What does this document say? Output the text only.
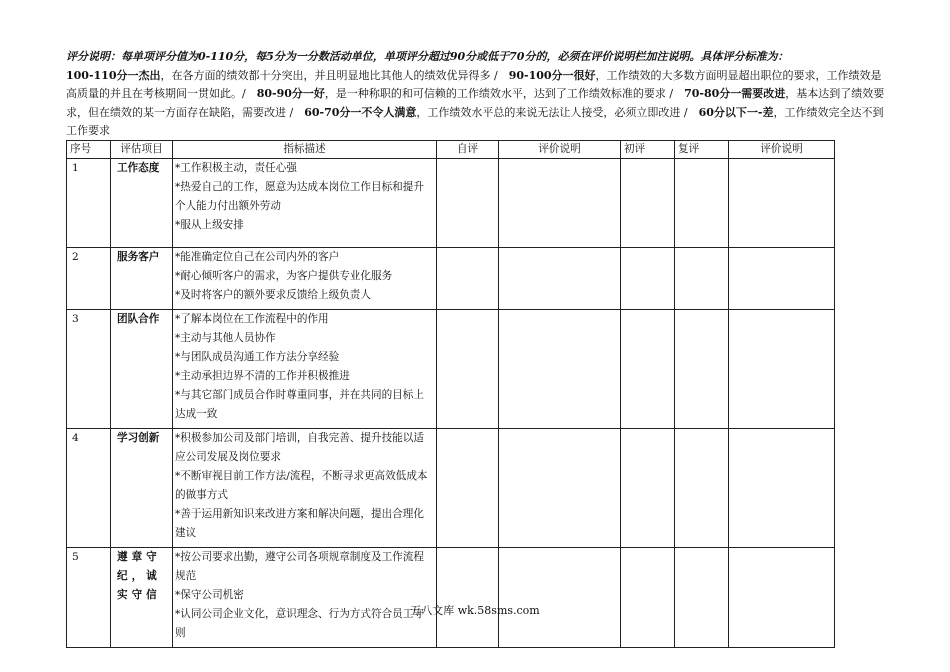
评分说明：每单项评分值为0-110分，每5分为一分数活动单位，单项评分超过90分或低于70分的，必须在评价说明栏加注说明。具体评分标准为：
100-110分一杰出，在各方面的绩效都十分突出，并且明显地比其他人的绩效优异得多 /　90-100分一很好，工作绩效的大多数方面明显超出职位的要求，工作绩效是高质量的并且在考核期间一贯如此。/　80-90分一好，是一种称职的和可信赖的工作绩效水平，达到了工作绩效标准的要求 /　70-80分一需要改进，基本达到了绩效要求，但在绩效的某一方面存在缺陷，需要改进 /　60-70分一不令人满意，工作绩效水平总的来说无法让人接受，必须立即改进 /　60分以下一-差，工作绩效完全达不到工作要求
序号	评估项目	指标描述	自评	评价说明	初评	复评	评价说明
1	工作态度	*工作积极主动，责任心强
*热爱自己的工作，愿意为达成本岗位工作目标和提升个人能力付出额外劳动
*服从上级安排					

2	服务客户	*能准确定位自己在公司内外的客户
*耐心倾听客户的需求，为客户提供专业化服务
*及时将客户的额外要求反馈给上级负责人					

3	团队合作	*了解本岗位在工作流程中的作用
*主动与其他人员协作
*与团队成员沟通工作方法分享经验
*主动承担边界不清的工作并积极推进
*与其它部门成员合作时尊重同事，并在共同的目标上达成一致					

4	学习创新	*积极参加公司及部门培训，自我完善、提升技能以适应公司发展及岗位要求
*不断审视目前工作方法/流程，不断寻求更高效低成本的做事方式
*善于运用新知识来改进方案和解决问题，提出合理化建议					

5	遵章守纪，诚实守信	*按公司要求出勤，遵守公司各项规章制度及工作流程规范
*保守公司机密
*认同公司企业文化，意识理念、行为方式符合员工守则					

五八文库 wk.58sms.com
